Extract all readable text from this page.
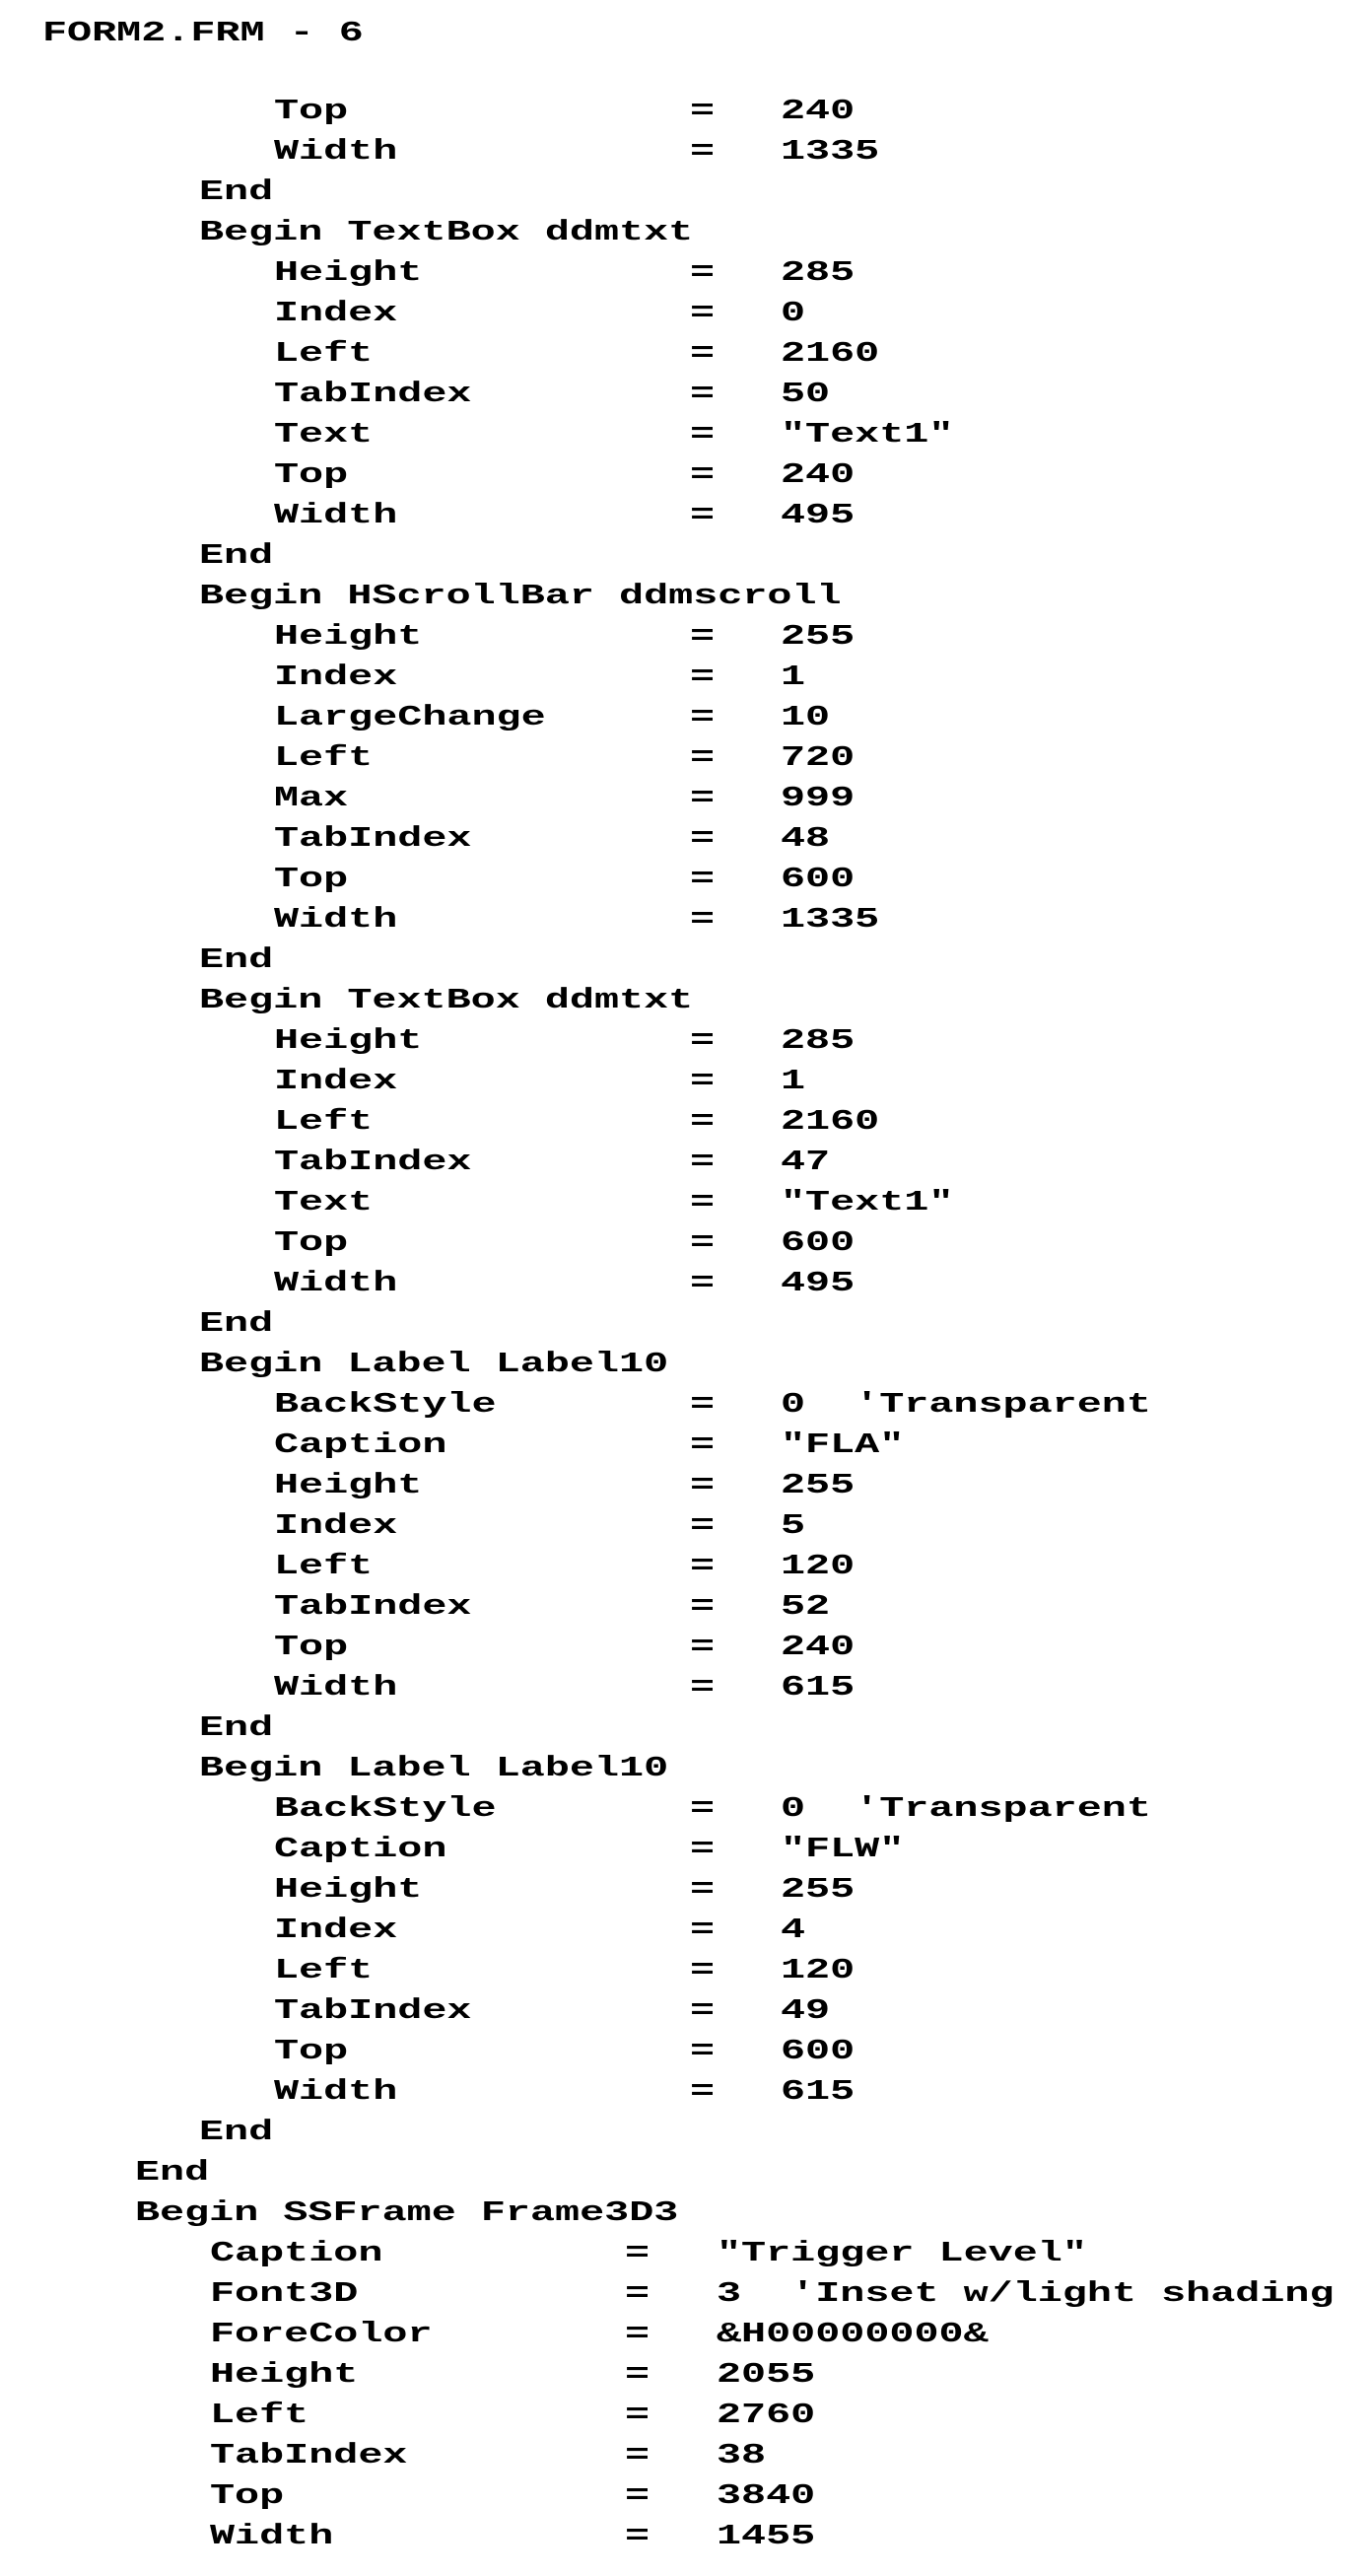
FORM2.FRM - 6
Top	= 240
Width	= 1335
End
Begin TextBox ddmtxt
Height	= 285
Index	= 0
Left	= 2160
TabIndex	= 50
Text	= "Text1"
Top	= 240
Width	= 495
End
Begin HScrollBar ddmscroll
Height	= 255
Index	= 1
LargeChange	= 10
Left	= 720
Max	= 999
TabIndex	= 48
Top	= 600
Width	= 1335
End
Begin TextBox ddmtxt
Height	= 285
Index	= 1
Left	= 2160
TabIndex	= 47
Text	= "Text1"
Top	= 600
Width	= 495
End
Begin Label Label10
BackStyle	= 0  'Transparent
Caption	= "FLA"
Height	= 255
Index	= 5
Left	= 120
TabIndex	= 52
Top	= 240
Width	= 615
End
Begin Label Label10
BackStyle	= 0  'Transparent
Caption	= "FLW"
Height	= 255
Index	= 4
Left	= 120
TabIndex	= 49
Top	= 600
Width	= 615
End
End
Begin SSFrame Frame3D3
Caption	= "Trigger Level"
Font3D	= 3  'Inset w/light shading
ForeColor	= &H00000000&
Height	= 2055
Left	= 2760
TabIndex	= 38
Top	= 3840
Width	= 1455
